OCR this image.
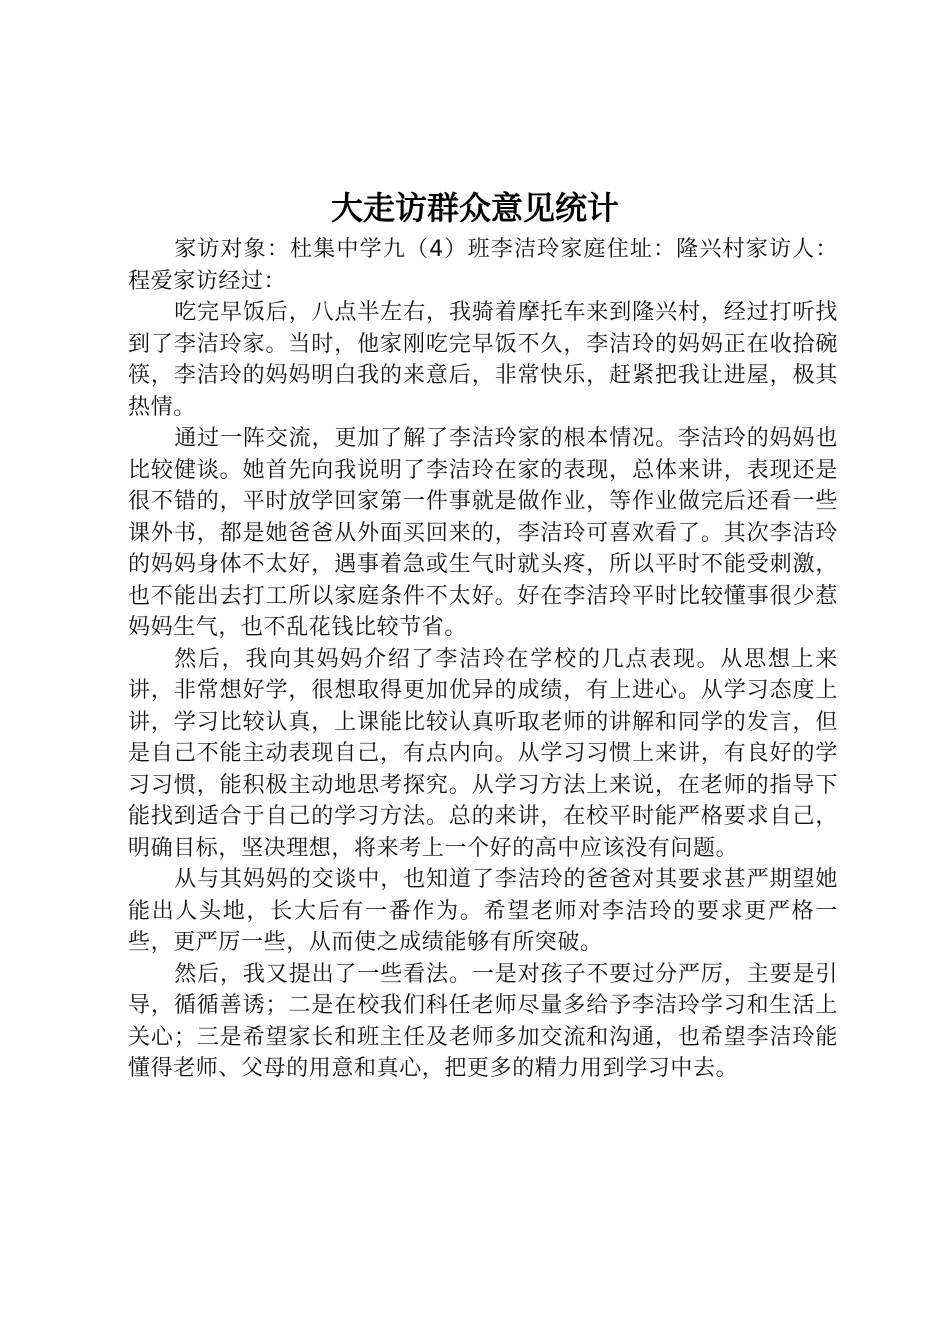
大走访群众意见统计

家访对象：杜集中学九（4）班李洁玲家庭住址：隆兴村家访人：程爱家访经过：

吃完早饭后，八点半左右，我骑着摩托车来到隆兴村，经过打听找到了李洁玲家。当时，他家刚吃完早饭不久，李洁玲的妈妈正在收拾碗筷，李洁玲的妈妈明白我的来意后，非常快乐，赶紧把我让进屋，极其热情。

通过一阵交流，更加了解了李洁玲家的根本情况。李洁玲的妈妈也比较健谈。她首先向我说明了李洁玲在家的表现，总体来讲，表现还是很不错的，平时放学回家第一件事就是做作业，等作业做完后还看一些课外书，都是她爸爸从外面买回来的，李洁玲可喜欢看了。其次李洁玲的妈妈身体不太好，遇事着急或生气时就头疼，所以平时不能受刺激，也不能出去打工所以家庭条件不太好。好在李洁玲平时比较懂事很少惹妈妈生气，也不乱花钱比较节省。

然后，我向其妈妈介绍了李洁玲在学校的几点表现。从思想上来讲，非常想好学，很想取得更加优异的成绩，有上进心。从学习态度上讲，学习比较认真，上课能比较认真听取老师的讲解和同学的发言，但是自己不能主动表现自己，有点内向。从学习习惯上来讲，有良好的学习习惯，能积极主动地思考探究。从学习方法上来说，在老师的指导下能找到适合于自己的学习方法。总的来讲，在校平时能严格要求自己，明确目标，坚决理想，将来考上一个好的高中应该没有问题。

从与其妈妈的交谈中，也知道了李洁玲的爸爸对其要求甚严期望她能出人头地，长大后有一番作为。希望老师对李洁玲的要求更严格一些，更严厉一些，从而使之成绩能够有所突破。

然后，我又提出了一些看法。一是对孩子不要过分严厉，主要是引导，循循善诱；二是在校我们科任老师尽量多给予李洁玲学习和生活上关心；三是希望家长和班主任及老师多加交流和沟通，也希望李洁玲能懂得老师、父母的用意和真心，把更多的精力用到学习中去。
